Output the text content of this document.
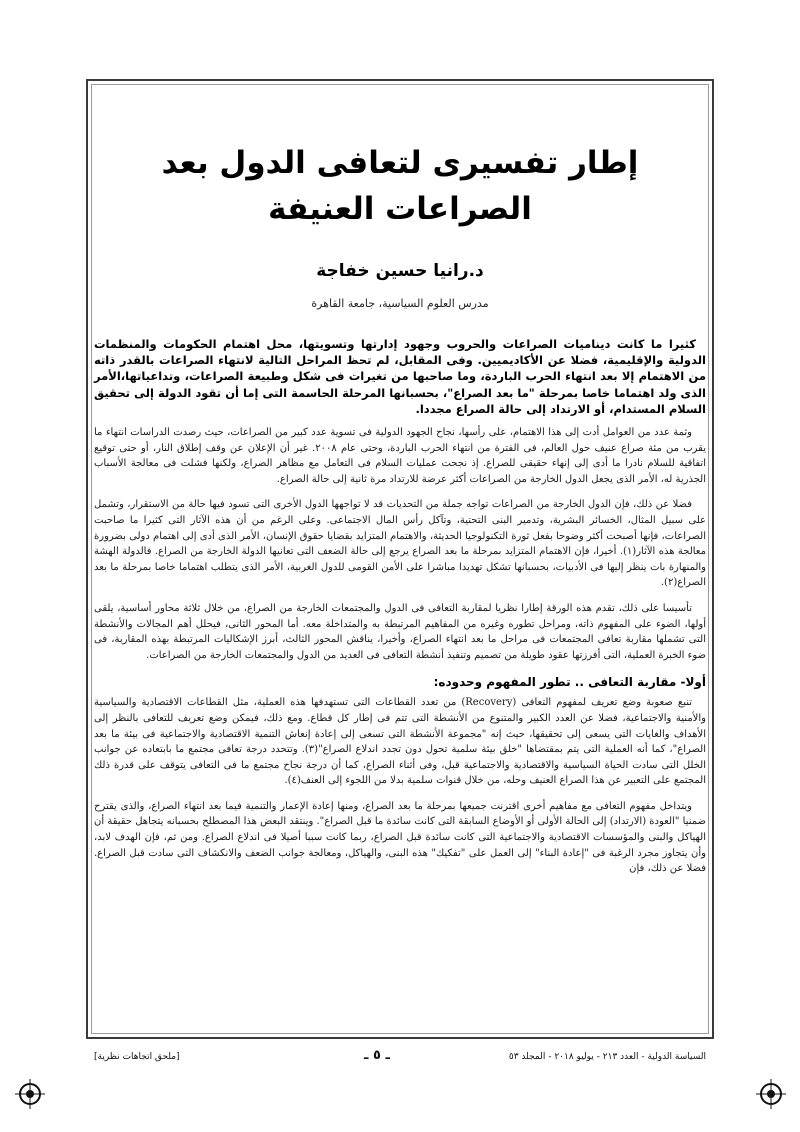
إطار تفسيرى لتعافى الدول بعد الصراعات العنيفة
د.رانيا حسين خفاجة
مدرس العلوم السياسية، جامعة القاهرة

كثيرا ما كانت ديناميات الصراعات والحروب وجهود إدارتها وتسويتها، محل اهتمام الحكومات والمنظمات الدولية والإقليمية، فضلا عن الأكاديميين. وفى المقابل، لم تحظ المراحل التالية لانتهاء الصراعات بالقدر ذاته من الاهتمام إلا بعد انتهاء الحرب الباردة، وما صاحبها من تغيرات فى شكل وطبيعة الصراعات، وتداعياتها،الأمر الذى ولد اهتماما خاصا بمرحلة "ما بعد الصراع"، بحسبانها المرحلة الحاسمة التى إما أن تقود الدولة إلى تحقيق السلام المستدام، أو الارتداد إلى حالة الصراع مجددا.

وثمة عدد من العوامل أدت إلى هذا الاهتمام، على رأسها، نجاح الجهود الدولية فى تسوية عدد كبير من الصراعات، حيث رصدت الدراسات انتهاء ما يقرب من مئة صراع عنيف حول العالم، فى الفترة من انتهاء الحرب الباردة، وحتى عام ٢٠٠٨. غير أن الإعلان عن وقف إطلاق النار، أو حتى توقيع اتفاقية للسلام نادرا ما أدى إلى إنهاء حقيقى للصراع. إذ نجحت عمليات السلام فى التعامل مع مظاهر الصراع، ولكنها فشلت فى معالجة الأسباب الجذرية له، الأمر الذى يجعل الدول الخارجة من الصراعات أكثر عرضة للارتداد مرة ثانية إلى حالة الصراع.

فضلا عن ذلك، فإن الدول الخارجة من الصراعات تواجه جملة من التحديات قد لا تواجهها الدول الأخرى التى تسود فيها حالة من الاستقرار، وتشمل على سبيل المثال، الخسائر البشرية، وتدمير البنى التحتية، وتآكل رأس المال الاجتماعى. وعلى الرغم من أن هذه الآثار التى كثيرا ما صاحبت الصراعات، فإنها أصبحت أكثر وضوحا بفعل ثورة التكنولوجيا الحديثة، والاهتمام المتزايد بقضايا حقوق الإنسان، الأمر الذى أدى إلى اهتمام دولى بضرورة معالجة هذه الآثار(١). أخيرا، فإن الاهتمام المتزايد بمرحلة ما بعد الصراع يرجع إلى حالة الضعف التى تعانيها الدولة الخارجة من الصراع. فالدولة الهشة والمنهارة بات ينظر إليها فى الأدبيات، بحسبانها تشكل تهديدا مباشرا على الأمن القومى للدول الغربية، الأمر الذى يتطلب اهتماما خاصا بمرحلة ما بعد الصراع(٢).

تأسيسا على ذلك، تقدم هذه الورقة إطارا نظريا لمقاربة التعافى فى الدول والمجتمعات الخارجة من الصراع، من خلال ثلاثة محاور أساسية، يلقى أولها، الضوء على المفهوم ذاته، ومراحل تطوره وغيره من المفاهيم المرتبطة به والمتداخلة معه. أما المحور الثانى، فيحلل أهم المجالات والأنشطة التى تشملها مقاربة تعافى المجتمعات فى مراحل ما بعد انتهاء الصراع، وأخيرا، يناقش المحور الثالث، أبرز الإشكاليات المرتبطة بهذه المقاربة، فى ضوء الخبرة العملية، التى أفرزتها عقود طويلة من تصميم وتنفيذ أنشطة التعافى فى العديد من الدول والمجتمعات الخارجة من الصراعات.

أولا- مقاربة التعافى .. تطور المفهوم وحدوده:

تنبع صعوبة وضع تعريف لمفهوم التعافى (Recovery) من تعدد القطاعات التى تستهدفها هذه العملية، مثل القطاعات الاقتصادية والسياسية والأمنية والاجتماعية، فضلا عن العدد الكبير والمتنوع من الأنشطة التى تتم فى إطار كل قطاع. ومع ذلك، فيمكن وضع تعريف للتعافى بالنظر إلى الأهداف والغايات التى يسعى إلى تحقيقها، حيث إنه "مجموعة الأنشطة التى تسعى إلى إعادة إنعاش التنمية الاقتصادية والاجتماعية فى بيئة ما بعد الصراع"، كما أنه العملية التى يتم بمقتضاها "خلق بيئة سلمية تحول دون تجدد اندلاع الصراع"(٣). وتتحدد درجة تعافى مجتمع ما بابتعاده عن جوانب الخلل التى سادت الحياة السياسية والاقتصادية والاجتماعية قبل، وفى أثناء الصراع، كما أن درجة نجاح مجتمع ما فى التعافى يتوقف على قدرة ذلك المجتمع على التعبير عن هذا الصراع العنيف وحله، من خلال قنوات سلمية بدلا من اللجوء إلى العنف(٤).

ويتداخل مفهوم التعافى مع مفاهيم أخرى اقترنت جميعها بمرحلة ما بعد الصراع، ومنها إعادة الإعمار والتنمية فيما بعد انتهاء الصراع، والذى يقترح ضمنيا "العودة (الارتداد) إلى الحالة الأولى أو الأوضاع السابقة التى كانت سائدة ما قبل الصراع". وينتقد البعض هذا المصطلح بحسبانه يتجاهل حقيقة أن الهياكل والبنى والمؤسسات الاقتصادية والاجتماعية التى كانت سائدة قبل الصراع، ربما كانت سببا أصيلا فى اندلاع الصراع. ومن ثم، فإن الهدف لابد، وأن يتجاوز مجرد الرغبة فى "إعادة البناء" إلى العمل على "تفكيك" هذه البنى، والهياكل، ومعالجة جوانب الضعف والانكشاف التى سادت قبل الصراع. فضلا عن ذلك، فإن

[ملحق اتجاهات نظرية]	ـ ٥ ـ	السياسة الدولية - العدد ٢١٣ - يوليو ٢٠١٨ - المجلد ٥٣
